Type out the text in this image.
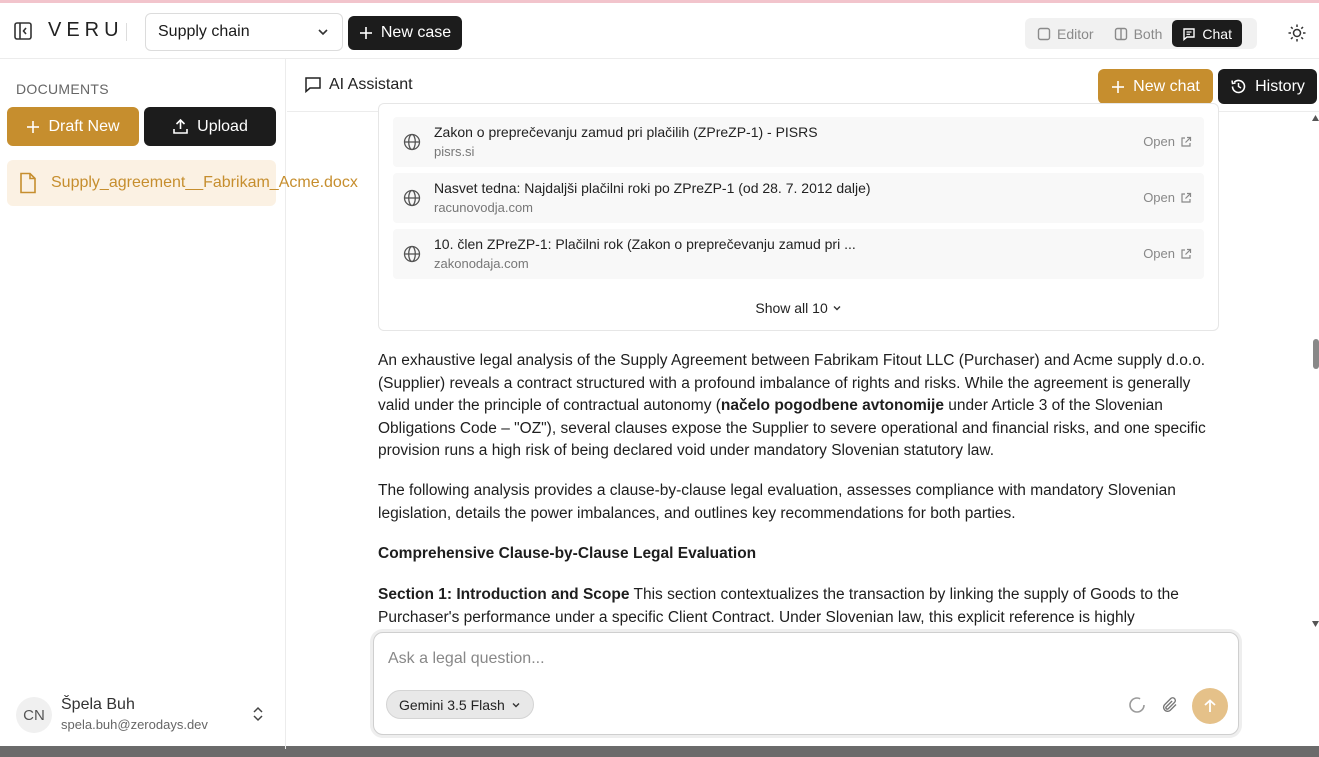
VERU Supply chain	New case	Editor	Both	Chat
DOCUMENTS
Draft New	Upload
Supply_agreement__Fabrikam_Acme.docx
CN
Špela Buh
spela.buh@zerodays.dev
AI Assistant	New chat	History
Zakon o preprečevanju zamud pri plačilih (ZPreZP-1) - PISRS
pisrs.si
Open
Nasvet tedna: Najdaljši plačilni roki po ZPreZP-1 (od 28. 7. 2012 dalje)
racunovodja.com
Open
10. člen ZPreZP-1: Plačilni rok (Zakon o preprečevanju zamud pri ...
zakonodaja.com
Open
Show all 10

An exhaustive legal analysis of the Supply Agreement between Fabrikam Fitout LLC (Purchaser) and Acme supply d.o.o. (Supplier) reveals a contract structured with a profound imbalance of rights and risks. While the agreement is generally valid under the principle of contractual autonomy (načelo pogodbene avtonomije under Article 3 of the Slovenian Obligations Code – "OZ"), several clauses expose the Supplier to severe operational and financial risks, and one specific provision runs a high risk of being declared void under mandatory Slovenian statutory law.

The following analysis provides a clause-by-clause legal evaluation, assesses compliance with mandatory Slovenian legislation, details the power imbalances, and outlines key recommendations for both parties.

Comprehensive Clause-by-Clause Legal Evaluation

Section 1: Introduction and Scope This section contextualizes the transaction by linking the supply of Goods to the Purchaser's performance under a specific Client Contract. Under Slovenian law, this explicit reference is highly

Ask a legal question...
Gemini 3.5 Flash
